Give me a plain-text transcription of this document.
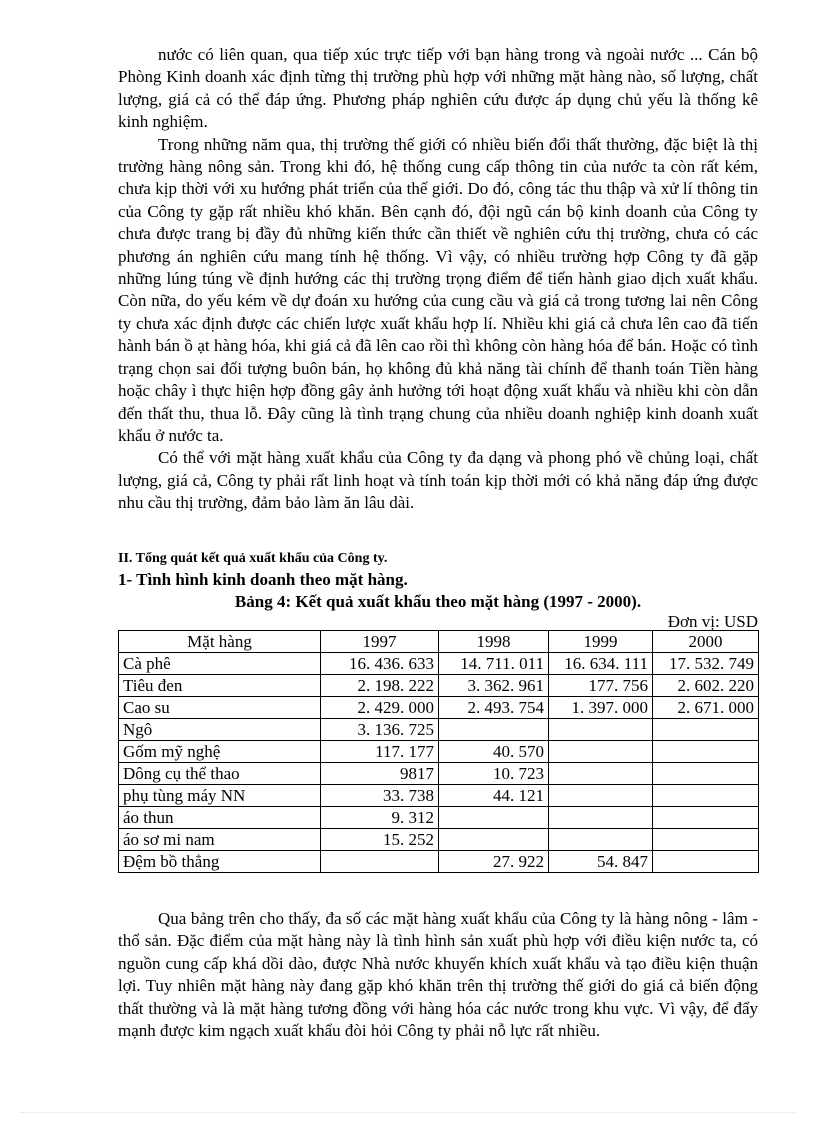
nước có liên quan, qua tiếp xúc trực tiếp với bạn hàng trong và ngoài nước ... Cán bộ Phòng Kinh doanh xác định từng thị trường phù hợp với những mặt hàng nào, số lượng, chất lượng, giá cả có thể đáp ứng. Phương pháp nghiên cứu được áp dụng chủ yếu là thống kê kinh nghiệm.

Trong những năm qua, thị trường thế giới có nhiều biến đổi thất thường, đặc biệt là thị trường hàng nông sản. Trong khi đó, hệ thống cung cấp thông tin của nước ta còn rất kém, chưa kịp thời với xu hướng phát triển của thế giới. Do đó, công tác thu thập và xử lí thông tin của Công ty gặp rất nhiều khó khăn. Bên cạnh đó, đội ngũ cán bộ kinh doanh của Công ty chưa được trang bị đầy đủ những kiến thức cần thiết về nghiên cứu thị trường, chưa có các phương án nghiên cứu mang tính hệ thống. Vì vậy, có nhiều trường hợp Công ty đã gặp những lúng túng về định hướng các thị trường trọng điểm để tiến hành giao dịch xuất khẩu. Còn nữa, do yếu kém về dự đoán xu hướng của cung cầu và giá cả trong tương lai nên Công ty chưa xác định được các chiến lược xuất khẩu hợp lí. Nhiều khi giá cả chưa lên cao đã tiến hành bán ồ ạt hàng hóa, khi giá cả đã lên cao rồi thì không còn hàng hóa để bán. Hoặc có tình trạng chọn sai đối tượng buôn bán, họ không đủ khả năng tài chính để thanh toán Tiền hàng hoặc chây ì thực hiện hợp đồng gây ảnh hưởng tới hoạt động xuất khẩu và nhiều khi còn dẫn đến thất thu, thua lỗ. Đây cũng là tình trạng chung của nhiều doanh nghiệp kinh doanh xuất khẩu ở nước ta.

Có thể với mặt hàng xuất khẩu của Công ty đa dạng và phong phó về chủng loại, chất lượng, giá cả, Công ty phải rất linh hoạt và tính toán kịp thời mới có khả năng đáp ứng được nhu cầu thị trường, đảm bảo làm ăn lâu dài.

II. Tổng quát kết quả xuất khẩu của Công ty.

1- Tình hình kinh doanh theo mặt hàng.

Bảng 4: Kết quả xuất khẩu theo mặt hàng (1997 - 2000).

Đơn vị: USD

Mặt hàng	1997	1998	1999	2000
Cà phê	16. 436. 633	14. 711. 011	16. 634. 111	17. 532. 749
Tiêu đen	2. 198. 222	3. 362. 961	177. 756	2. 602. 220
Cao su	2. 429. 000	2. 493. 754	1. 397. 000	2. 671. 000
Ngô	3. 136. 725			
Gốm mỹ nghệ	117. 177	40. 570		
Dông cụ thể thao	9817	10. 723		
phụ tùng máy NN	33. 738	44. 121		
áo thun	9. 312			
áo sơ mi nam	15. 252			
Đệm bồ thẳng		27. 922	54. 847	

Qua bảng trên cho thấy, đa số các mặt hàng xuất khẩu của Công ty là hàng nông - lâm - thổ sản. Đặc điểm của mặt hàng này là tình hình sản xuất phù hợp với điều kiện nước ta, có nguồn cung cấp khá dồi dào, được Nhà nước khuyến khích xuất khẩu và tạo điều kiện thuận lợi. Tuy nhiên mặt hàng này đang gặp khó khăn trên thị trường thế giới do giá cả biến động thất thường và là mặt hàng tương đồng với hàng hóa các nước trong khu vực. Vì vậy, để đẩy mạnh được kim ngạch xuất khẩu đòi hỏi Công ty phải nỗ lực rất nhiều.
